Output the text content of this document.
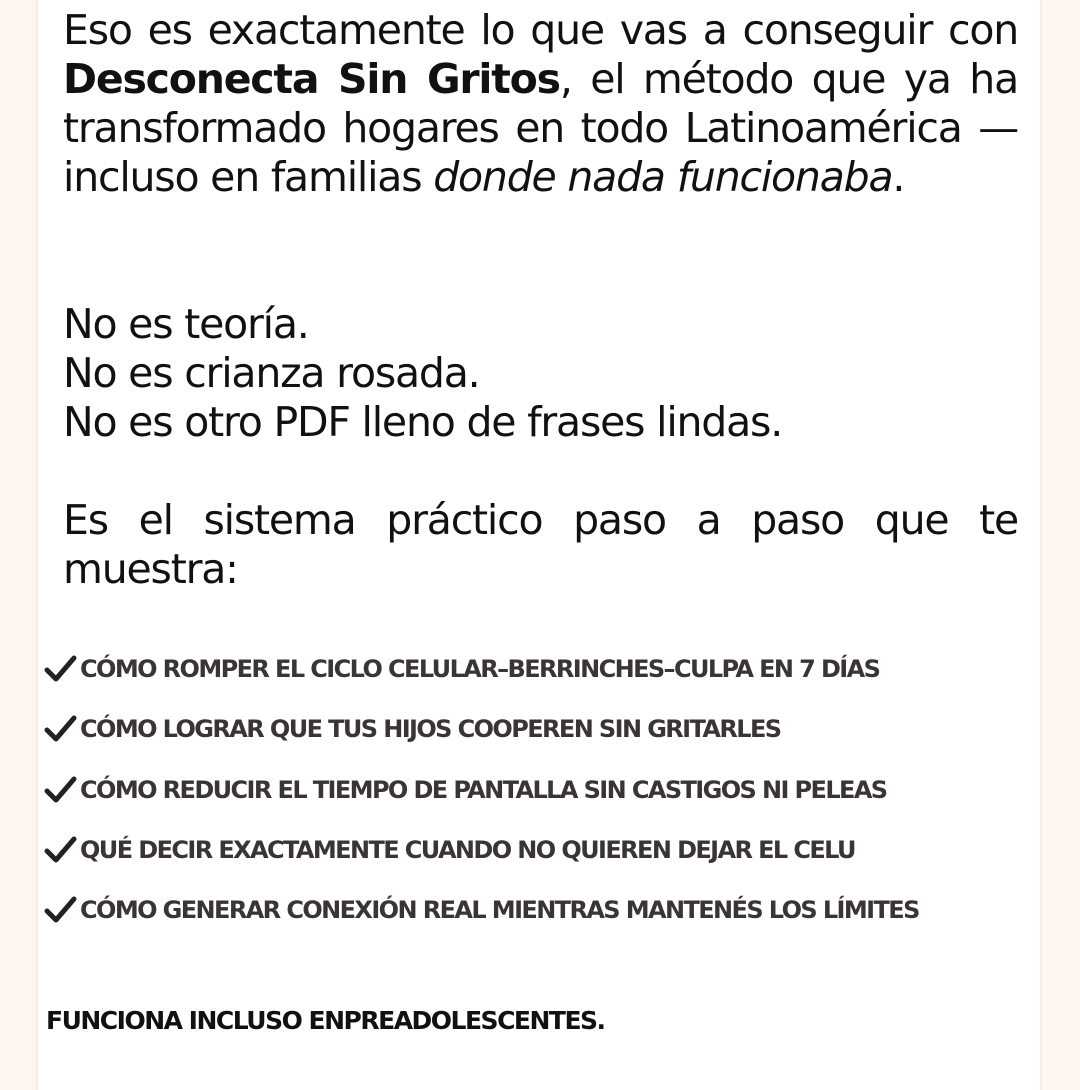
Eso es exactamente lo que vas a conseguir con Desconecta Sin Gritos, el método que ya ha transformado hogares en todo Latinoamérica — incluso en familias donde nada funcionaba.

No es teoría.
No es crianza rosada.
No es otro PDF lleno de frases lindas.

Es el sistema práctico paso a paso que te muestra:

CÓMO ROMPER EL CICLO CELULAR–BERRINCHES–CULPA EN 7 DÍAS
CÓMO LOGRAR QUE TUS HIJOS COOPEREN SIN GRITARLES
CÓMO REDUCIR EL TIEMPO DE PANTALLA SIN CASTIGOS NI PELEAS
QUÉ DECIR EXACTAMENTE CUANDO NO QUIEREN DEJAR EL CELU
CÓMO GENERAR CONEXIÓN REAL MIENTRAS MANTENÉS LOS LÍMITES

FUNCIONA INCLUSO ENPREADOLESCENTES.
